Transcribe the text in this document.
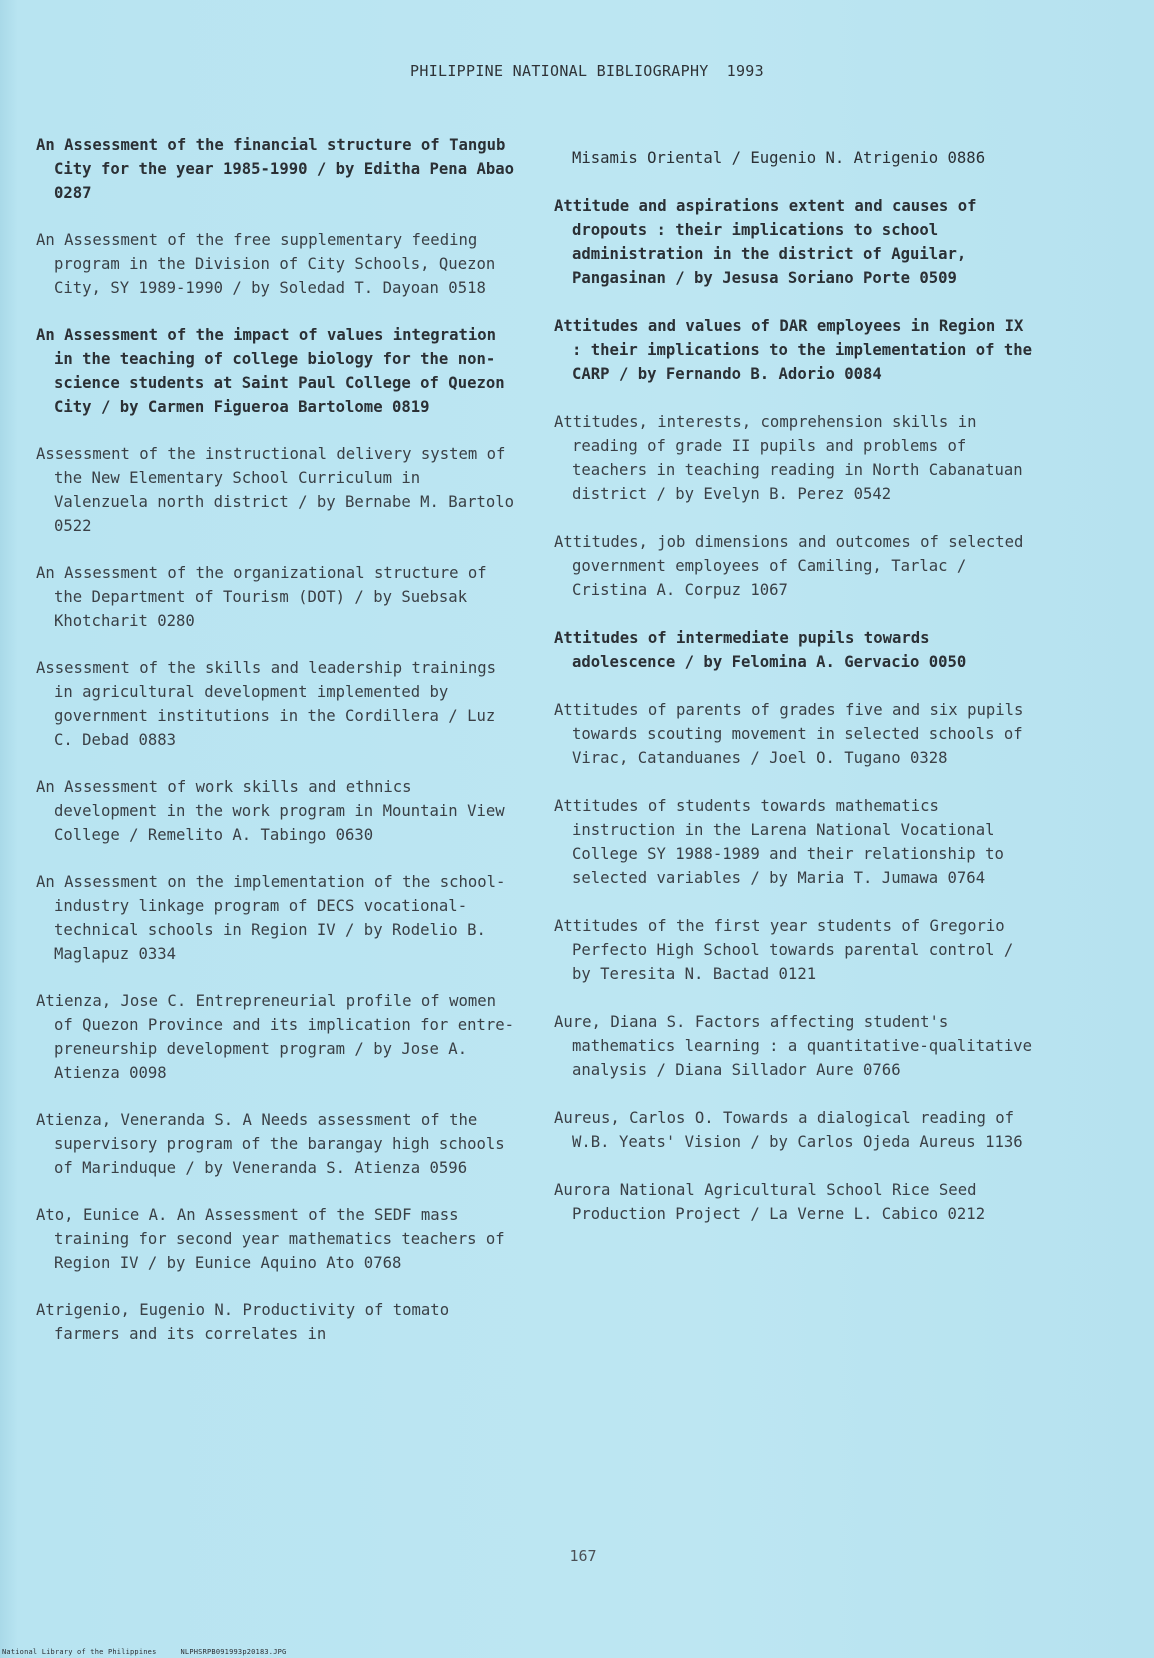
PHILIPPINE NATIONAL BIBLIOGRAPHY 1993
An Assessment of the financial structure of Tangub City for the year 1985-1990 / by Editha Pena Abao 0287
An Assessment of the free supplementary feeding program in the Division of City Schools, Quezon City, SY 1989-1990 / by Soledad T. Dayoan 0518
An Assessment of the impact of values integration in the teaching of college biology for the non-science students at Saint Paul College of Quezon City / by Carmen Figueroa Bartolome 0819
Assessment of the instructional delivery system of the New Elementary School Curriculum in Valenzuela north district / by Bernabe M. Bartolo 0522
An Assessment of the organizational structure of the Department of Tourism (DOT) / by Suebsak Khotcharit 0280
Assessment of the skills and leadership trainings in agricultural development implemented by government institutions in the Cordillera / Luz C. Debad 0883
An Assessment of work skills and ethnics development in the work program in Mountain View College / Remelito A. Tabingo 0630
An Assessment on the implementation of the school-industry linkage program of DECS vocational-technical schools in Region IV / by Rodelio B. Maglapuz 0334
Atienza, Jose C. Entrepreneurial profile of women of Quezon Province and its implication for entre-preneurship development program / by Jose A. Atienza 0098
Atienza, Veneranda S. A Needs assessment of the supervisory program of the barangay high schools of Marinduque / by Veneranda S. Atienza 0596
Ato, Eunice A. An Assessment of the SEDF mass training for second year mathematics teachers of Region IV / by Eunice Aquino Ato 0768
Atrigenio, Eugenio N. Productivity of tomato farmers and its correlates in
Misamis Oriental / Eugenio N. Atrigenio 0886
Attitude and aspirations extent and causes of dropouts : their implications to school administration in the district of Aguilar, Pangasinan / by Jesusa Soriano Porte 0509
Attitudes and values of DAR employees in Region IX : their implications to the implementation of the CARP / by Fernando B. Adorio 0084
Attitudes, interests, comprehension skills in reading of grade II pupils and problems of teachers in teaching reading in North Cabanatuan district / by Evelyn B. Perez 0542
Attitudes, job dimensions and outcomes of selected government employees of Camiling, Tarlac / Cristina A. Corpuz 1067
Attitudes of intermediate pupils towards adolescence / by Felomina A. Gervacio 0050
Attitudes of parents of grades five and six pupils towards scouting movement in selected schools of Virac, Catanduanes / Joel O. Tugano 0328
Attitudes of students towards mathematics instruction in the Larena National Vocational College SY 1988-1989 and their relationship to selected variables / by Maria T. Jumawa 0764
Attitudes of the first year students of Gregorio Perfecto High School towards parental control / by Teresita N. Bactad 0121
Aure, Diana S. Factors affecting student's mathematics learning : a quantitative-qualitative analysis / Diana Sillador Aure 0766
Aureus, Carlos O. Towards a dialogical reading of W.B. Yeats' Vision / by Carlos Ojeda Aureus 1136
Aurora National Agricultural School Rice Seed Production Project / La Verne L. Cabico 0212
167
National Library of the Philippines	NLPHSRPB091993p20183.JPG
